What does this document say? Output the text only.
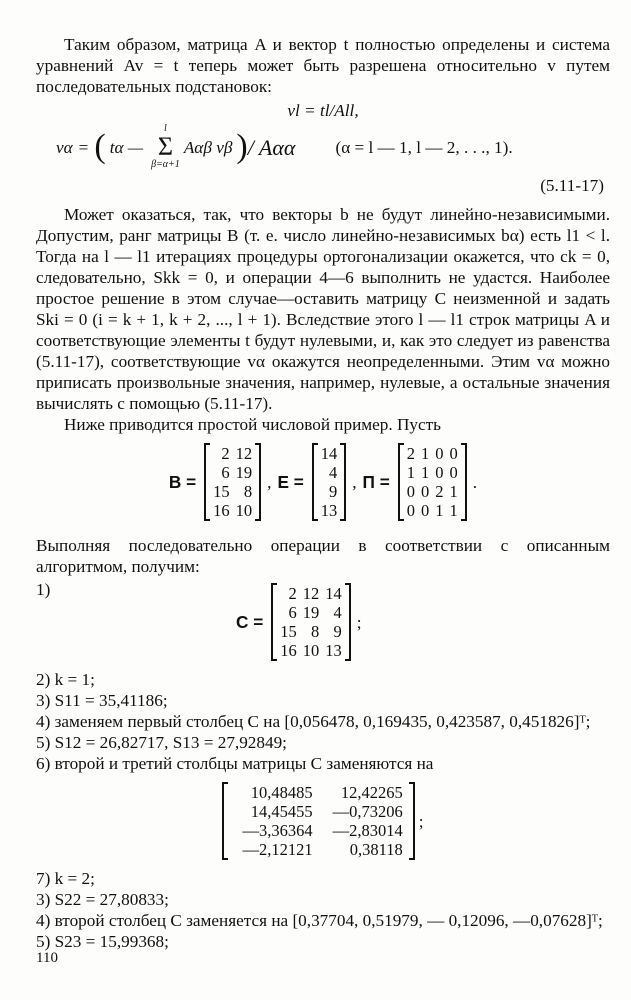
Таким образом, матрица A и вектор t полностью определены и система уравнений Av = t теперь может быть разрешена относительно v путем последовательных подстановок:

vl = tl/All,
vα = ( tα —
l
Σ
β=α+1
Aαβ vβ ) / Aαα (α = l — 1, l — 2, . . ., 1).
(5.11-17)

Может оказаться, так, что векторы b не будут линейно-независимыми. Допустим, ранг матрицы B (т. е. число линейно-независимых bα) есть l1 < l. Тогда на l — l1 итерациях процедуры ортогонализации окажется, что ck = 0, следовательно, Skk = 0, и операции 4—6 выполнить не удастся. Наиболее простое решение в этом случае—оставить матрицу C неизменной и задать Ski = 0 (i = k + 1, k + 2, ..., l + 1). Вследствие этого l — l1 строк матрицы A и соответствующие элементы t будут нулевыми, и, как это следует из равенства (5.11-17), соответствующие vα окажутся неопределенными. Этим vα можно приписать произвольные значения, например, нулевые, а остальные значения вычислять с помощью (5.11-17).

Ниже приводится простой числовой пример. Пусть

B =
2	12
6	19
15	8
16	10
, E =
14
4
9
13
, Π =
2	1	0	0
1	1	0	0
0	0	2	1
0	0	1	1
.

Выполняя последовательно операции в соответствии с описанным алгоритмом, получим:

1)
C =
2	12	14
6	19	4
15	8	9
16	10	13
;

2) k = 1;

3) S11 = 35,41186;

4) заменяем первый столбец C на [0,056478, 0,169435, 0,423587, 0,451826]ᵀ;

5) S12 = 26,82717, S13 = 27,92849;

6) второй и третий столбцы матрицы C заменяются на

10,48485	12,42265
14,45455	—0,73206
—3,36364	—2,83014
—2,12121	0,38118
;

7) k = 2;

3) S22 = 27,80833;

4) второй столбец C заменяется на [0,37704, 0,51979, — 0,12096, —0,07628]ᵀ;

5) S23 = 15,99368;

110
